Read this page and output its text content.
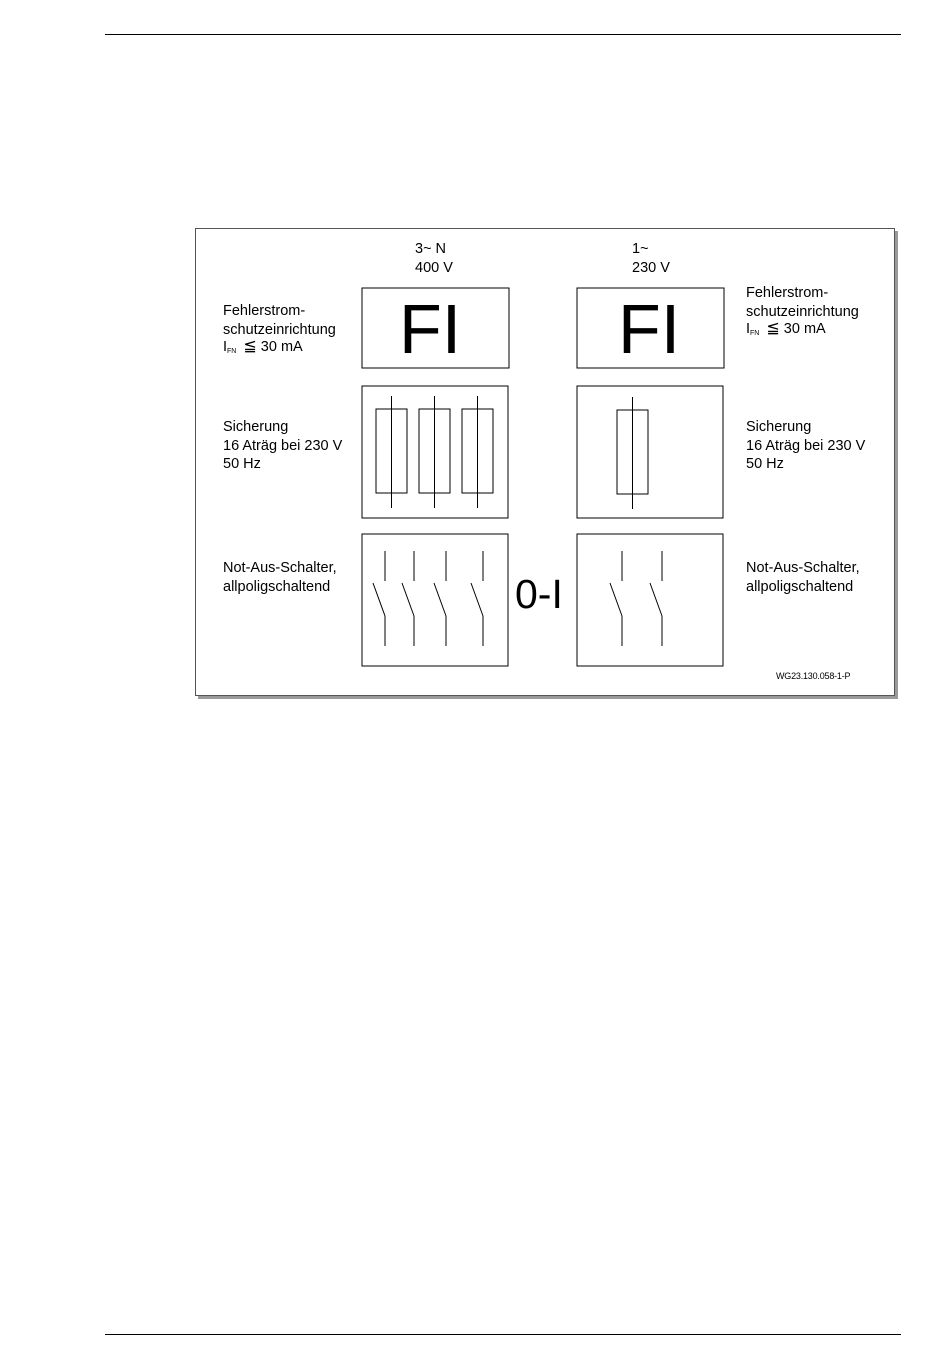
3~ N
400 V
1~
230 V
FI FI
Fehlerstrom-
schutzeinrichtung
$I_{FN}$ ≦ 30 mA
Fehlerstrom-
schutzeinrichtung
$I_{FN}$ ≦ 30 mA
Sicherung
16 Aträg bei 230 V
50 Hz
Sicherung
16 Aträg bei 230 V
50 Hz
Not-Aus-Schalter,
allpoligschaltend
Not-Aus-Schalter,
allpoligschaltend
0-I
WG23.130.058-1-P
